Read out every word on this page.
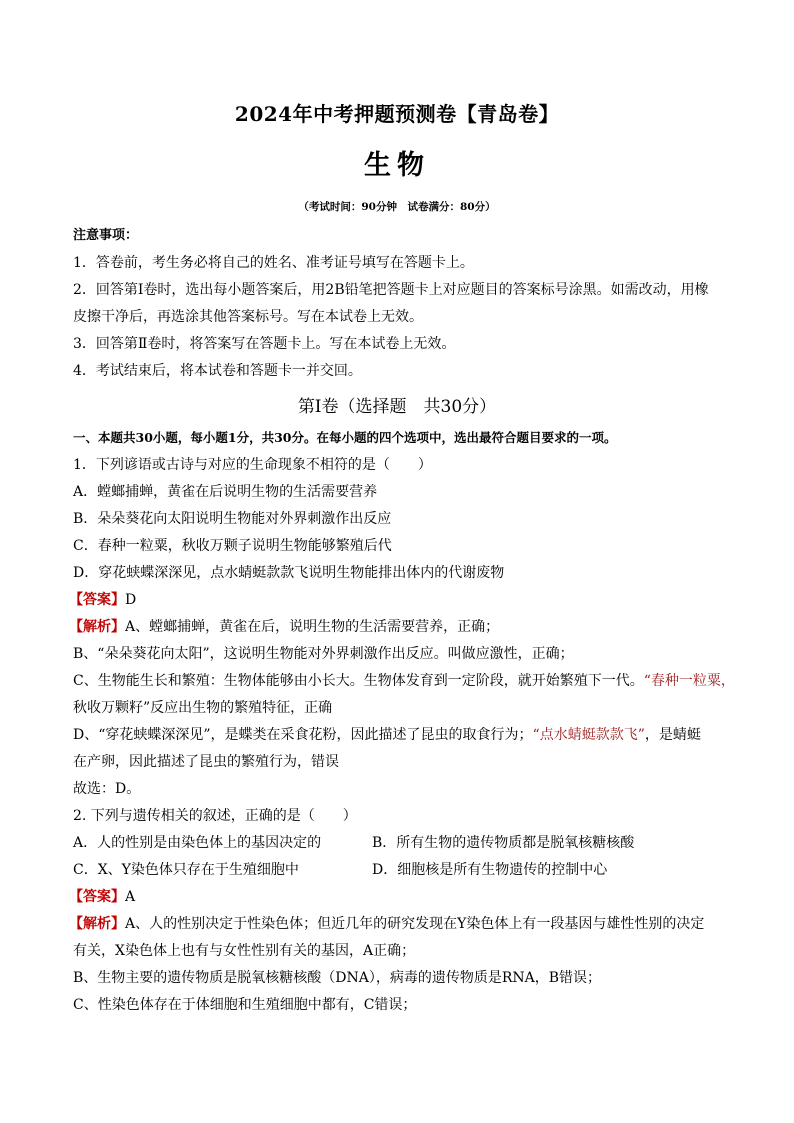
2024年中考押题预测卷【青岛卷】
生物
（考试时间：90分钟　试卷满分：80分）
注意事项：
1．答卷前，考生务必将自己的姓名、准考证号填写在答题卡上。
2．回答第Ⅰ卷时，选出每小题答案后，用2B铅笔把答题卡上对应题目的答案标号涂黑。如需改动，用橡
皮擦干净后，再选涂其他答案标号。写在本试卷上无效。
3．回答第Ⅱ卷时，将答案写在答题卡上。写在本试卷上无效。
4．考试结束后，将本试卷和答题卡一并交回。
第Ⅰ卷（选择题　共30分）
一、本题共30小题，每小题1分，共30分。在每小题的四个选项中，选出最符合题目要求的一项。
1．下列谚语或古诗与对应的生命现象不相符的是（　　）
A．螳螂捕蝉，黄雀在后说明生物的生活需要营养
B．朵朵葵花向太阳说明生物能对外界刺激作出反应
C．春种一粒粟，秋收万颗子说明生物能够繁殖后代
D．穿花蛱蝶深深见，点水蜻蜓款款飞说明生物能排出体内的代谢废物
【答案】D
【解析】A、螳螂捕蝉，黄雀在后，说明生物的生活需要营养，正确；
B、“朵朵葵花向太阳”，这说明生物能对外界刺激作出反应。叫做应激性，正确；
C、生物能生长和繁殖：生物体能够由小长大。生物体发育到一定阶段，就开始繁殖下一代。“春种一粒粟，
秋收万颗籽”反应出生物的繁殖特征，正确
D、“穿花蛱蝶深深见”，是蝶类在采食花粉，因此描述了昆虫的取食行为；“点水蜻蜓款款飞”，是蜻蜓
在产卵，因此描述了昆虫的繁殖行为，错误
故选：D。
2. 下列与遗传相关的叙述，正确的是（　　）
A．人的性别是由染色体上的基因决定的	B．所有生物的遗传物质都是脱氧核糖核酸
C．X、Y染色体只存在于生殖细胞中	D．细胞核是所有生物遗传的控制中心
【答案】A
【解析】A、人的性别决定于性染色体；但近几年的研究发现在Y染色体上有一段基因与雄性性别的决定
有关，X染色体上也有与女性性别有关的基因，A正确；
B、生物主要的遗传物质是脱氧核糖核酸（DNA），病毒的遗传物质是RNA，B错误；
C、性染色体存在于体细胞和生殖细胞中都有，C错误；
